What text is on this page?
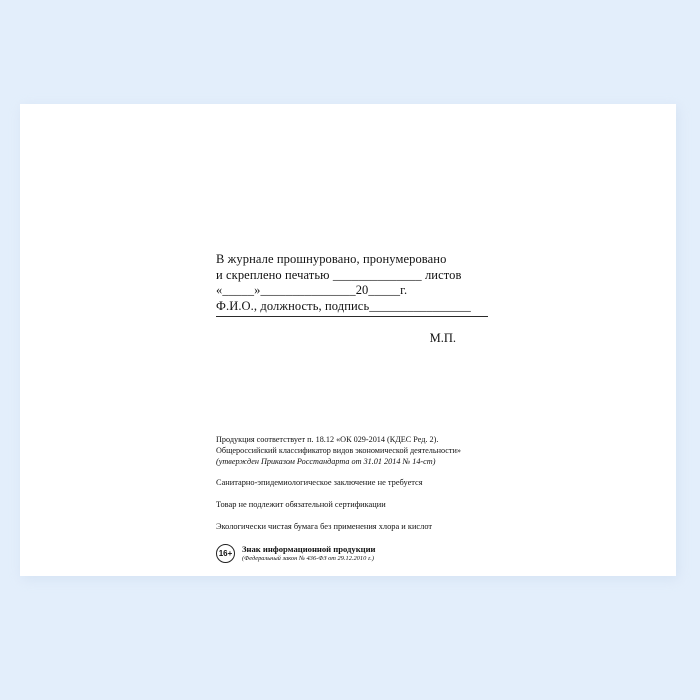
В журнале прошнуровано, пронумеровано
и скреплено печатью ______________ листов
«_____»_______________20_____г.
Ф.И.О., должность, подпись________________
М.П.
Продукция соответствует п. 18.12 «ОК 029-2014 (КДЕС Ред. 2).
Общероссийский классификатор видов экономической деятельности»
(утвержден Приказом Росстандарта от 31.01 2014 № 14-ст)
Санитарно-эпидемиологическое заключение не требуется
Товар не подлежит обязательной сертификации
Экологически чистая бумага без применения хлора и кислот
16+	Знак информационной продукции
(Федеральный закон № 436-ФЗ от 29.12.2010 г.)
